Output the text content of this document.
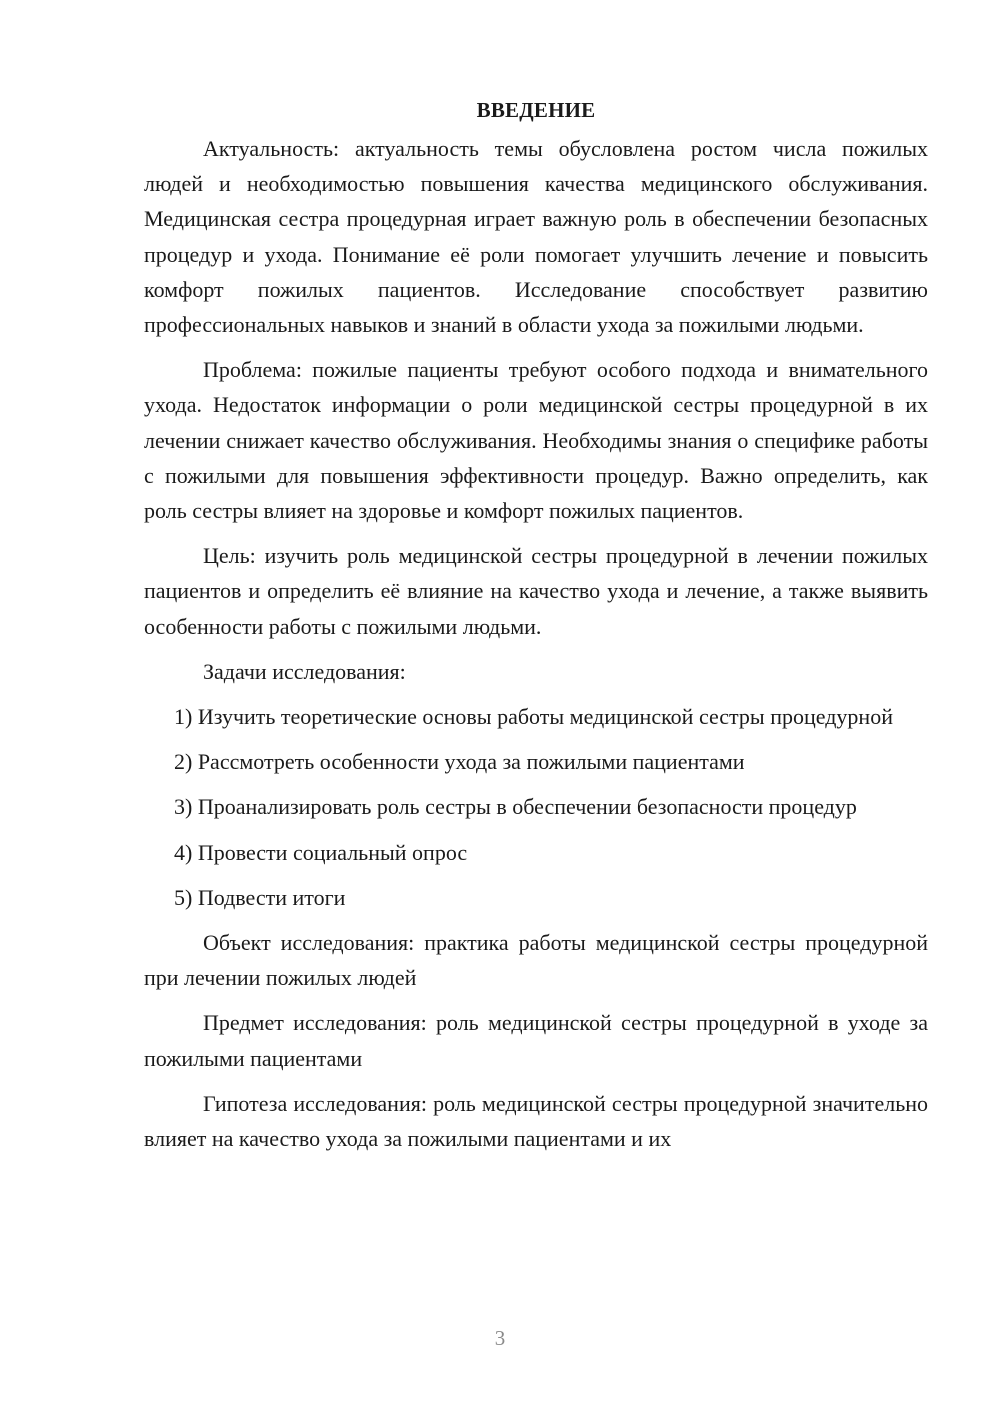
ВВЕДЕНИЕ

Актуальность: актуальность темы обусловлена ростом числа пожилых людей и необходимостью повышения качества медицинского обслуживания. Медицинская сестра процедурная играет важную роль в обеспечении безопасных процедур и ухода. Понимание её роли помогает улучшить лечение и повысить комфорт пожилых пациентов. Исследование способствует развитию профессиональных навыков и знаний в области ухода за пожилыми людьми.

Проблема: пожилые пациенты требуют особого подхода и внимательного ухода. Недостаток информации о роли медицинской сестры процедурной в их лечении снижает качество обслуживания. Необходимы знания о специфике работы с пожилыми для повышения эффективности процедур. Важно определить, как роль сестры влияет на здоровье и комфорт пожилых пациентов.

Цель: изучить роль медицинской сестры процедурной в лечении пожилых пациентов и определить её влияние на качество ухода и лечение, а также выявить особенности работы с пожилыми людьми.

Задачи исследования:

1) Изучить теоретические основы работы медицинской сестры процедурной

2) Рассмотреть особенности ухода за пожилыми пациентами

3) Проанализировать роль сестры в обеспечении безопасности процедур

4) Провести социальный опрос

5) Подвести итоги

Объект исследования: практика работы медицинской сестры процедурной при лечении пожилых людей

Предмет исследования: роль медицинской сестры процедурной в уходе за пожилыми пациентами

Гипотеза исследования: роль медицинской сестры процедурной значительно влияет на качество ухода за пожилыми пациентами и их

3
